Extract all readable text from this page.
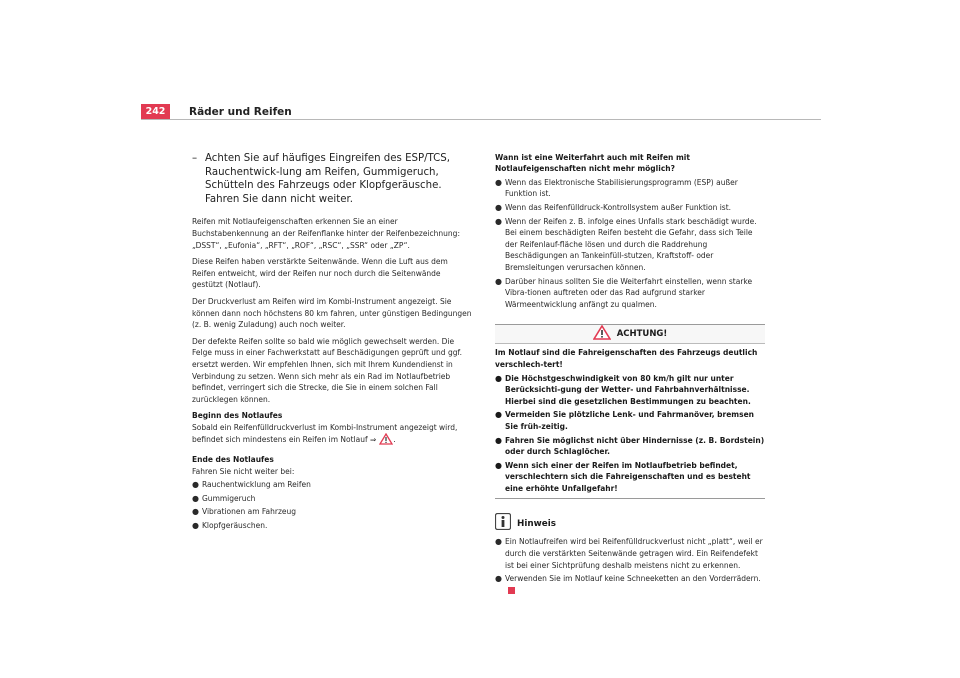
242	Räder und Reifen
– Achten Sie auf häufiges Eingreifen des ESP/TCS, Rauchentwick-lung am Reifen, Gummigeruch, Schütteln des Fahrzeugs oder Klopfgeräusche. Fahren Sie dann nicht weiter.

Reifen mit Notlaufeigenschaften erkennen Sie an einer Buchstabenkennung an der Reifenflanke hinter der Reifenbezeichnung: „DSST“, „Eufonia“, „RFT“, „ROF“, „RSC“, „SSR“ oder „ZP“.

Diese Reifen haben verstärkte Seitenwände. Wenn die Luft aus dem Reifen entweicht, wird der Reifen nur noch durch die Seitenwände gestützt (Notlauf).

Der Druckverlust am Reifen wird im Kombi-Instrument angezeigt. Sie können dann noch höchstens 80 km fahren, unter günstigen Bedingungen (z. B. wenig Zuladung) auch noch weiter.

Der defekte Reifen sollte so bald wie möglich gewechselt werden. Die Felge muss in einer Fachwerkstatt auf Beschädigungen geprüft und ggf. ersetzt werden. Wir empfehlen Ihnen, sich mit Ihrem Kundendienst in Verbindung zu setzen. Wenn sich mehr als ein Rad im Notlaufbetrieb befindet, verringert sich die Strecke, die Sie in einem solchen Fall zurücklegen können.

Beginn des Notlaufes

Sobald ein Reifenfülldruckverlust im Kombi-Instrument angezeigt wird, befindet sich mindestens ein Reifen im Notlauf ⇒ .

Ende des Notlaufes

Fahren Sie nicht weiter bei:

● Rauchentwicklung am Reifen
● Gummigeruch
● Vibrationen am Fahrzeug
● Klopfgeräuschen.
Wann ist eine Weiterfahrt auch mit Reifen mit Notlaufeigenschaften nicht mehr möglich?
● Wenn das Elektronische Stabilisierungsprogramm (ESP) außer Funktion ist.
● Wenn das Reifenfülldruck-Kontrollsystem außer Funktion ist.
● Wenn der Reifen z. B. infolge eines Unfalls stark beschädigt wurde. Bei einem beschädigten Reifen besteht die Gefahr, dass sich Teile der Reifenlauf-fläche lösen und durch die Raddrehung Beschädigungen an Tankeinfüll-stutzen, Kraftstoff- oder Bremsleitungen verursachen können.
● Darüber hinaus sollten Sie die Weiterfahrt einstellen, wenn starke Vibra-tionen auftreten oder das Rad aufgrund starker Wärmeentwicklung anfängt zu qualmen.
ACHTUNG!
Im Notlauf sind die Fahreigenschaften des Fahrzeugs deutlich verschlech-tert!
● Die Höchstgeschwindigkeit von 80 km/h gilt nur unter Berücksichti-gung der Wetter- und Fahrbahnverhältnisse. Hierbei sind die gesetzlichen Bestimmungen zu beachten.
● Vermeiden Sie plötzliche Lenk- und Fahrmanöver, bremsen Sie früh-zeitig.
● Fahren Sie möglichst nicht über Hindernisse (z. B. Bordstein) oder durch Schlaglöcher.
● Wenn sich einer der Reifen im Notlaufbetrieb befindet, verschlechtern sich die Fahreigenschaften und es besteht eine erhöhte Unfallgefahr!
Hinweis
● Ein Notlaufreifen wird bei Reifenfülldruckverlust nicht „platt“, weil er durch die verstärkten Seitenwände getragen wird. Ein Reifendefekt ist bei einer Sichtprüfung deshalb meistens nicht zu erkennen.
● Verwenden Sie im Notlauf keine Schneeketten an den Vorderrädern.
